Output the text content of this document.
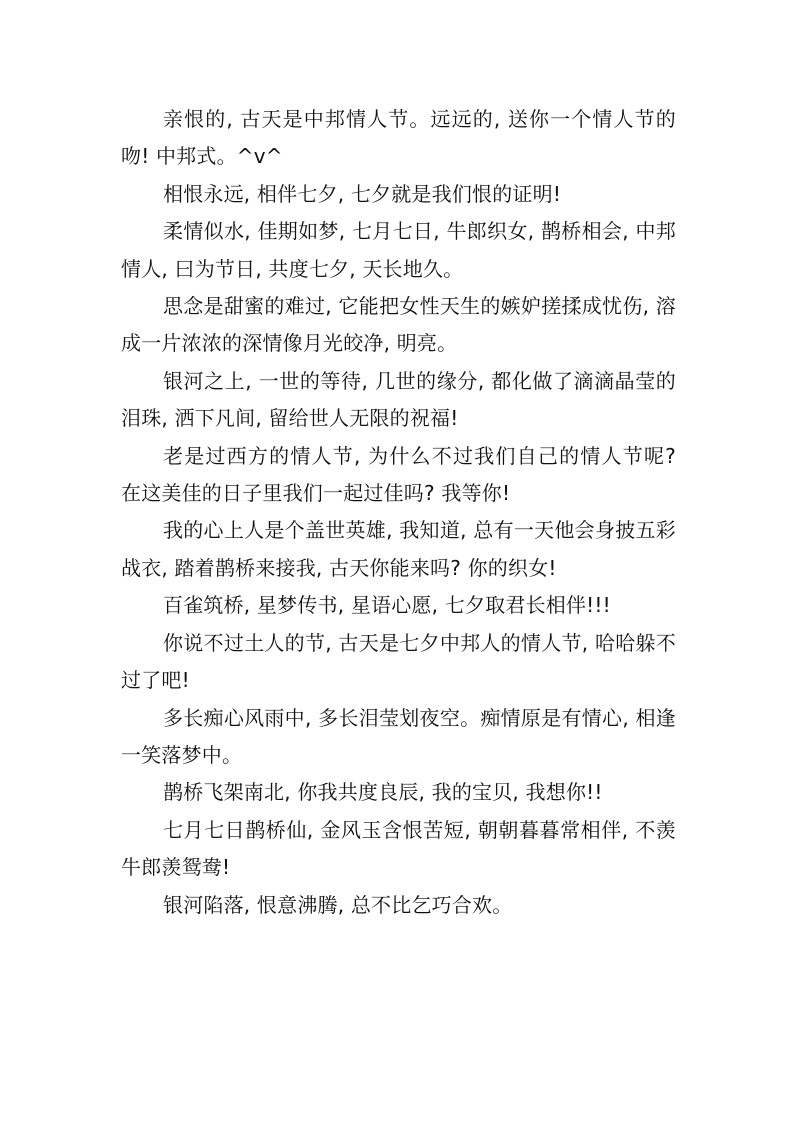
亲恨的, 古天是中邦情人节。远远的, 送你一个情人节的吻! 中邦式。^v^

相恨永远, 相伴七夕, 七夕就是我们恨的证明!

柔情似水, 佳期如梦, 七月七日, 牛郎织女, 鹊桥相会, 中邦情人, 曰为节日, 共度七夕, 天长地久。

思念是甜蜜的难过, 它能把女性天生的嫉妒搓揉成忧伤, 溶成一片浓浓的深情像月光皎净, 明亮。

银河之上, 一世的等待, 几世的缘分, 都化做了滴滴晶莹的泪珠, 洒下凡间, 留给世人无限的祝福!

老是过西方的情人节, 为什么不过我们自己的情人节呢? 在这美佳的日子里我们一起过佳吗? 我等你!

我的心上人是个盖世英雄, 我知道, 总有一天他会身披五彩战衣, 踏着鹊桥来接我, 古天你能来吗? 你的织女!

百雀筑桥, 星梦传书, 星语心愿, 七夕取君长相伴!!!

你说不过土人的节, 古天是七夕中邦人的情人节, 哈哈躲不过了吧!

多长痴心风雨中, 多长泪莹划夜空。痴情原是有情心, 相逢一笑落梦中。

鹊桥飞架南北, 你我共度良辰, 我的宝贝, 我想你!!

七月七日鹊桥仙, 金风玉含恨苦短, 朝朝暮暮常相伴, 不羡牛郎羡鸳鸯!

银河陷落, 恨意沸腾, 总不比乞巧合欢。
